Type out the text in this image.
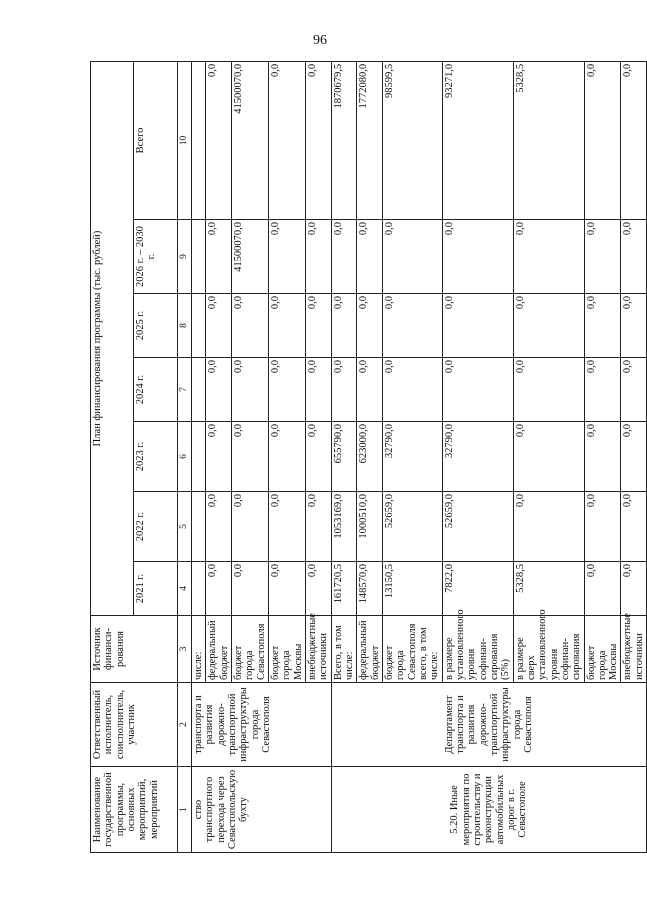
96
Наименование государственной программы, основных мероприятий, мероприятий	Ответственный исполнитель, соисполнитель, участник	Источник финанси-рования	План финансирования программы (тыс. рублей)						
			2021 г.	2022 г.	2023 г.	2024 г.	2025 г.	2026 г. – 2030 г.	Всего
1	2	3	4	5	6	7	8	9	10
ство транспортного перехода через Севастопольскую бухту	транспорта и развития дорожно-транспортной инфраструктуры города Севастополя	числе:							
		федеральный бюджет	0,0	0,0	0,0	0,0	0,0	0,0	0,0
		бюджет города Севастополя	0,0	0,0	0,0	0,0	0,0	41500070,0	41500070,0
		бюджет города Москвы	0,0	0,0	0,0	0,0	0,0	0,0	0,0
		внебюджетные источники	0,0	0,0	0,0	0,0	0,0	0,0	0,0
5.20. Иные мероприятия по строительству и реконструкции автомобильных дорог в г. Севастополе	Департамент транспорта и развития дорожно-транспортной инфраструктуры города Севастополя	Всего, в том числе:	161720,5	1053169,0	655790,0	0,0	0,0	0,0	1870679,5
		федеральный бюджет	148570,0	1000510,0	623000,0	0,0	0,0	0,0	1772080,0
		бюджет города Севастополя всего, в том числе:	13150,5	52659,0	32790,0	0,0	0,0	0,0	98599,5
		в размере установленного уровня софинан-сирования (5%)	7822,0	52659,0	32790,0	0,0	0,0	0,0	93271,0
		в размере сверх установленного уровня софинан-сирования	5328,5	0,0	0,0	0,0	0,0	0,0	5328,5
		бюджет города Москвы	0,0	0,0	0,0	0,0	0,0	0,0	0,0
		внебюджетные источники	0,0	0,0	0,0	0,0	0,0	0,0	0,0
